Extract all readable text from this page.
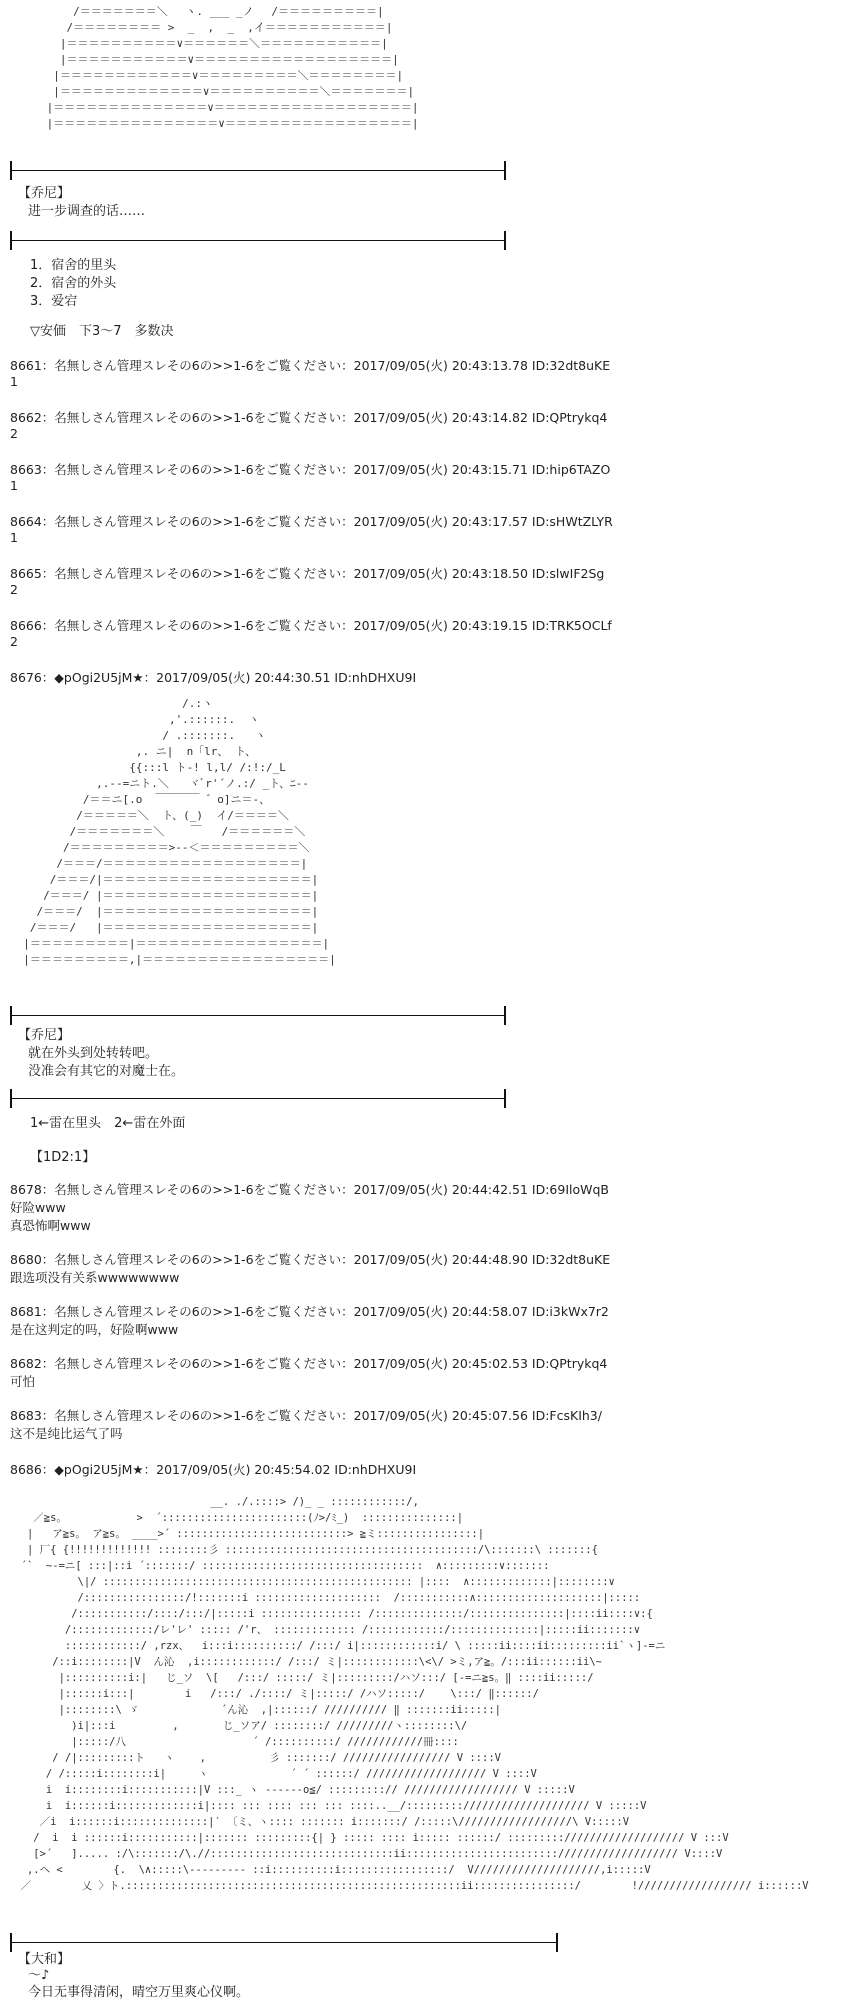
/＝＝＝＝＝＝＝＼　 ヽ. ___ _ノ　 /＝＝＝＝＝＝＝＝＝|
/＝＝＝＝＝＝＝＝ >  _  ,  _  ,イ＝＝＝＝＝＝＝＝＝＝＝|
|＝＝＝＝＝＝＝＝＝＝∨＝＝＝＝＝＝＼＝＝＝＝＝＝＝＝＝＝＝|
|＝＝＝＝＝＝＝＝＝＝＝∨＝＝＝＝＝＝＝＝＝＝＝＝＝＝＝＝＝＝|
|＝＝＝＝＝＝＝＝＝＝＝＝∨＝＝＝＝＝＝＝＝＝＼＝＝＝＝＝＝＝＝|
|＝＝＝＝＝＝＝＝＝＝＝＝＝∨＝＝＝＝＝＝＝＝＝＝＼＝＝＝＝＝＝＝|
|＝＝＝＝＝＝＝＝＝＝＝＝＝＝∨＝＝＝＝＝＝＝＝＝＝＝＝＝＝＝＝＝＝|
|＝＝＝＝＝＝＝＝＝＝＝＝＝＝＝∨＝＝＝＝＝＝＝＝＝＝＝＝＝＝＝＝＝|
【乔尼】
进一步调查的话……
1．宿舍的里头
2．宿舍的外头
3．爱宕
▽安価　下3～7　多数决
8661：名無しさん管理スレその6の>>1-6をご覧ください：2017/09/05(火) 20:43:13.78 ID:32dt8uKE
1
8662：名無しさん管理スレその6の>>1-6をご覧ください：2017/09/05(火) 20:43:14.82 ID:QPtrykq4
2
8663：名無しさん管理スレその6の>>1-6をご覧ください：2017/09/05(火) 20:43:15.71 ID:hip6TAZO
1
8664：名無しさん管理スレその6の>>1-6をご覧ください：2017/09/05(火) 20:43:17.57 ID:sHWtZLYR
1
8665：名無しさん管理スレその6の>>1-6をご覧ください：2017/09/05(火) 20:43:18.50 ID:slwIF2Sg
2
8666：名無しさん管理スレその6の>>1-6をご覧ください：2017/09/05(火) 20:43:19.15 ID:TRK5OCLf
2
8676：◆pOgi2U5jM★：2017/09/05(火) 20:44:30.51 ID:nhDHXU9I
/.:ヽ
,'.::::::.  ヽ
/ .:::::::.   ヽ
,. ニ|  n「lr、 ト、
{{:::l ト‐! l,l/ /:!:/_L
,.-‐=ニト.＼   ヾﾞr'´ノ.:/ _ト、ﾆ-‐
/＝＝ニ[.o  ￣￣￣￣ ゛o]ニ＝-、
/＝＝＝＝＝＼  ト、(_)  イ/＝＝＝＝＼
/＝＝＝＝＝＝＝＼    ￣   /＝＝＝＝＝＝＼
/＝＝＝＝＝＝＝＝＝>--＜＝＝＝＝＝＝＝＝＝＼
/＝＝＝/＝＝＝＝＝＝＝＝＝＝＝＝＝＝＝＝＝＝|
/＝＝＝/|＝＝＝＝＝＝＝＝＝＝＝＝＝＝＝＝＝＝＝|
/＝＝＝/ |＝＝＝＝＝＝＝＝＝＝＝＝＝＝＝＝＝＝＝|
/＝＝＝/  |＝＝＝＝＝＝＝＝＝＝＝＝＝＝＝＝＝＝＝|
/＝＝＝/   |＝＝＝＝＝＝＝＝＝＝＝＝＝＝＝＝＝＝＝|
|＝＝＝＝＝＝＝＝＝|＝＝＝＝＝＝＝＝＝＝＝＝＝＝＝＝＝|
|＝＝＝＝＝＝＝＝＝,|＝＝＝＝＝＝＝＝＝＝＝＝＝＝＝＝＝|
【乔尼】
就在外头到处转转吧。
没准会有其它的对魔士在。
1←雷在里头　2←雷在外面
【1D2:1】
8678：名無しさん管理スレその6の>>1-6をご覧ください：2017/09/05(火) 20:44:42.51 ID:69IloWqB
好险www
真恐怖啊www
8680：名無しさん管理スレその6の>>1-6をご覧ください：2017/09/05(火) 20:44:48.90 ID:32dt8uKE
跟选项没有关系wwwwwwww
8681：名無しさん管理スレその6の>>1-6をご覧ください：2017/09/05(火) 20:44:58.07 ID:i3kWx7r2
是在这判定的吗，好险啊www
8682：名無しさん管理スレその6の>>1-6をご覧ください：2017/09/05(火) 20:45:02.53 ID:QPtrykq4
可怕
8683：名無しさん管理スレその6の>>1-6をご覧ください：2017/09/05(火) 20:45:07.56 ID:FcsKIh3/
这不是纯比运气了吗
8686：◆pOgi2U5jM★：2017/09/05(火) 20:45:54.02 ID:nhDHXU9I
__. ./.::::> /)_ _ ::::::::::::/,
／≧s。           >  ´:::::::::::::::::::::::(ﾉ>/ﾐ_)  :::::::::::::::|
|   ア≧s。 ア≧s。 ____>´ :::::::::::::::::::::::::::> ≧ミ::::::::::::::::|
| 厂{ {!!!!!!!!!!!!! ::::::::彡 ::::::::::::::::::::::::::::::::::::::::/\:::::::\ :::::::{
´`  ~-=ニ[ :::|::i ´:::::::/ :::::::::::::::::::::::::::::::::::  ∧:::::::::∨:::::::
\|/ ::::::::::::::::::::::::::::::::::::::::::::::::: |::::  ∧:::::::::::::|::::::::∨
/::::::::::::::::/!:::::::i ::::::::::::::::::::  /:::::::::::∧::::::::::::::::::::|:::::
/:::::::::::/::::/:::/|:::::i :::::::::::::::: /::::::::::::::/:::::::::::::::|::::ii::::∨:{
/:::::::::::::/レ'レ' ::::: /'r、 ::::::::::::: /::::::::::::/::::::::::::::|:::::ii:::::::∨
::::::::::::/ ,rzx、  i:::i::::::::::/ /:::/ i|::::::::::::i/ \ :::::ii::::ii:::::::::ii`ヽ]-=ニ
/::i::::::::|V  ん沁  ,i::::::::::::/ /:::/ ミ|::::::::::::\<\/ >ミ,ア≧。/:::ii::::::ii\~
|::::::::::i:|   じ_ソ  \[   /:::/ :::::/ ミ|:::::::::/ハソ:::/ [-=ニ≧s。‖ ::::ii:::::/
|::::::i:::|        i   /:::/ ./::::/ ミ|:::::/ /ハソ:::::/    \:::/ ‖::::::/
|::::::::\ ゞ             ´ん沁  ,|::::::/ ////////// ‖ :::::::ii:::::|
)i|:::i         ,       じ_ソア/ ::::::::/ /////////ヽ::::::::\/
|:::::/八                    ´ /::::::::::/ ////////////冊::::
/ /|:::::::::ト   ヽ    ,          彡 :::::::/ ///////////////// V ::::V
/ /:::::i::::::::i|     ヽ             ´ ´ ::::::/ /////////////////// V ::::V
i  i::::::::i:::::::::::|V :::_ ヽ ------o≦/ :::::::::// ////////////////// V :::::V
i  i::::::i:::::::::::::i|:::: ::: :::: ::: ::: ::::..__/::::::::://////////////////// V :::::V
／i  i::::::i::::::::::::::|′ 〔ミ、ヽ:::: ::::::: i:::::::/ /:::::\//////////////////\ V:::::V
/  i  i ::::::i:::::::::::|::::::: :::::::::{| } ::::: :::: i::::: ::::::/ ::::::::://///////////////// V :::V
[>´   ]..... :/\:::::::/\.//:::::::::::::::::::::::::::::ii:::::::::::::::::::::::://///////////////// V::::V
,.ヘ <        {.  \∧:::::\---‐‐‐‐‐‐ ::i::::::::::i:::::::::::::::::/  V////////////////////,i:::::V
／        乂 〉ト.:::::::::::::::::::::::::::::::::::::::::::::::::::::ii::::::::::::::::/        !////////////////// i::::::V
【大和】
～♪
今日无事得清闲，晴空万里爽心仪啊。
